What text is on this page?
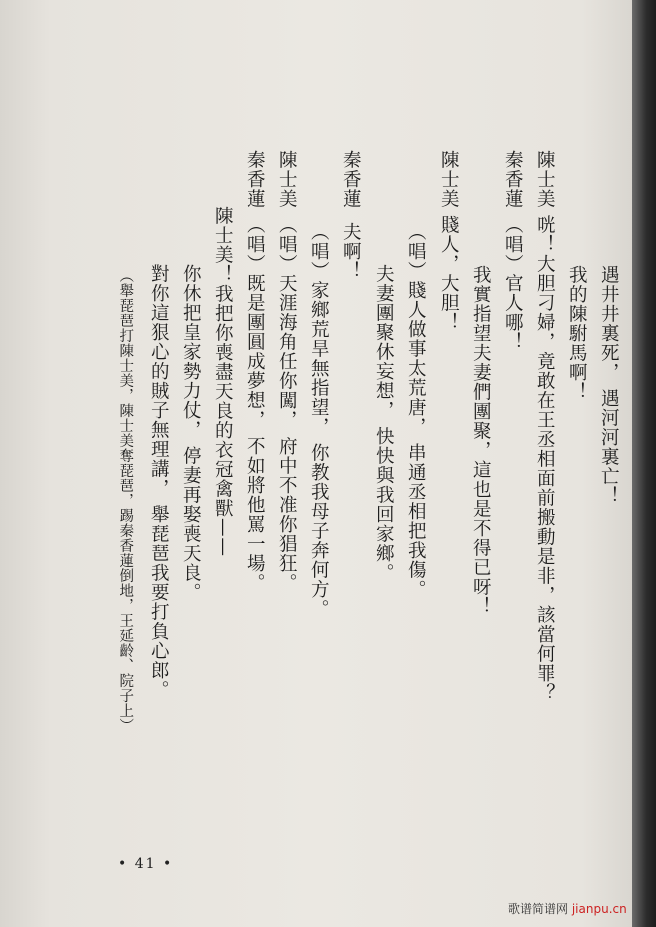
遇井井裏死， 遇河河裏亡！
我的陳駙馬啊！
陳士美 咣！大胆刁婦，竟敢在王丞相面前搬動是非，該當何罪？
秦香蓮 （唱）官人哪！
我實指望夫妻們團聚，這也是不得已呀！
陳士美 賤人，大胆！
（唱）賤人做事太荒唐， 串通丞相把我傷。
夫妻團聚休妄想， 快快與我回家鄉。
夫啊！
秦香蓮
（唱）家鄉荒旱無指望， 你教我母子奔何方。
陳士美 （唱）天涯海角任你闖， 府中不准你猖狂。
秦香蓮 （唱）既是團圓成夢想， 不如將他罵一場。
陳士美！我把你喪盡天良的衣冠禽獸——
你休把皇家勢力仗， 停妻再娶喪天良。
對你這狠心的賊子無理講， 舉琵琶我要打負心郎。
（舉琵琶打陳士美，陳士美奪琵琶，踢秦香蓮倒地，王延齡、院子上）
• 41 •
歌谱简谱网 jianpu.cn
